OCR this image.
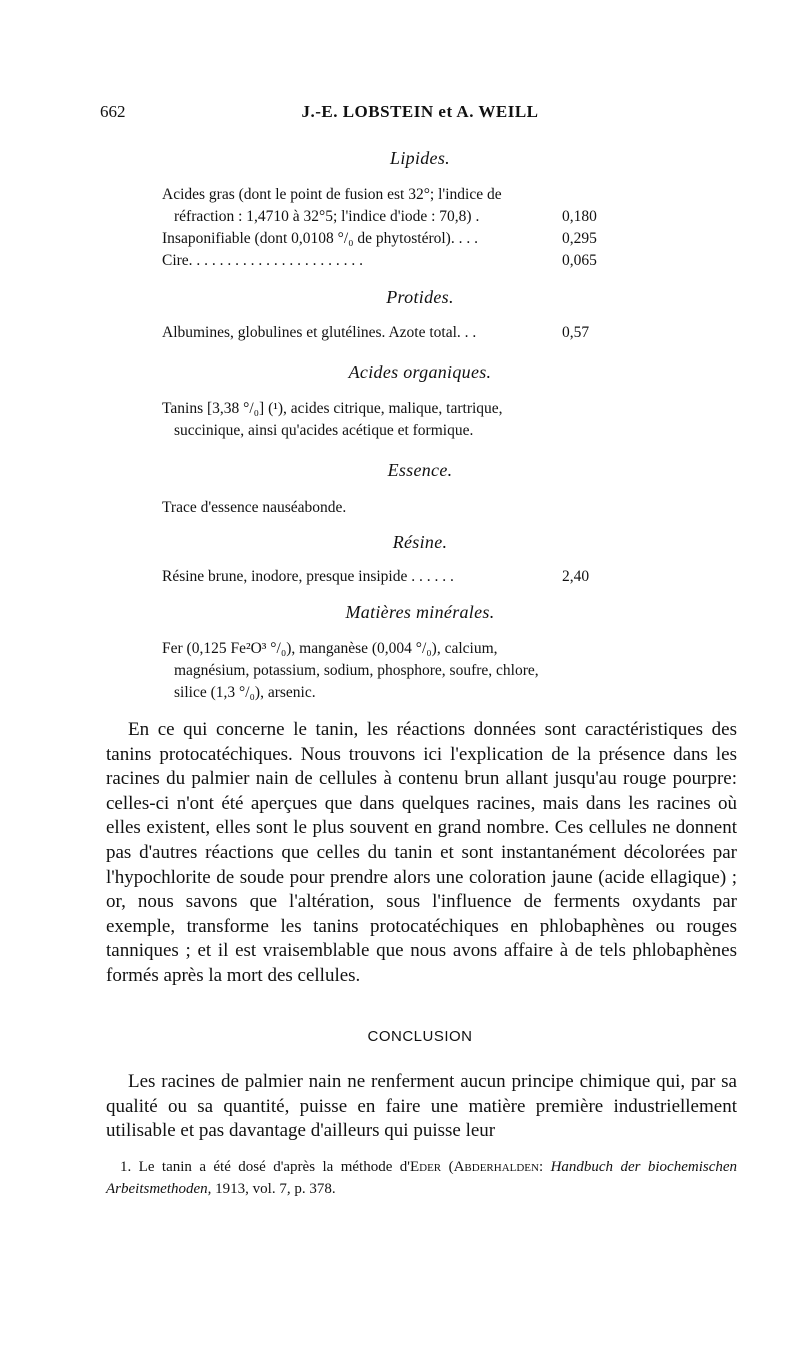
662	J.-E. LOBSTEIN et A. WEILL
Lipides.
Acides gras (dont le point de fusion est 32°; l'indice de réfraction : 1,4710 à 32°5; l'indice d'iode : 70,8) .	0,180
Insaponifiable (dont 0,0108 °/₀ de phytostérol). . . .	0,295
Cire. . . . . . . . . . . . . . . . . . . . . . .	0,065
Protides.
Albumines, globulines et glutélines. Azote total. . .	0,57
Acides organiques.
Tanins [3,38 °/₀] (¹), acides citrique, malique, tartrique, succinique, ainsi qu'acides acétique et formique.
Essence.
Trace d'essence nauséabonde.
Résine.
Résine brune, inodore, presque insipide . . . . . .	2,40
Matières minérales.
Fer (0,125 Fe²O³ °/₀), manganèse (0,004 °/₀), calcium, magnésium, potassium, sodium, phosphore, soufre, chlore, silice (1,3 °/₀), arsenic.
En ce qui concerne le tanin, les réactions données sont caractéristiques des tanins protocatéchiques. Nous trouvons ici l'explication de la présence dans les racines du palmier nain de cellules à contenu brun allant jusqu'au rouge pourpre: celles-ci n'ont été aperçues que dans quelques racines, mais dans les racines où elles existent, elles sont le plus souvent en grand nombre. Ces cellules ne donnent pas d'autres réactions que celles du tanin et sont instantanément décolorées par l'hypochlorite de soude pour prendre alors une coloration jaune (acide ellagique) ; or, nous savons que l'altération, sous l'influence de ferments oxydants par exemple, transforme les tanins protocatéchiques en phlobaphènes ou rouges tanniques ; et il est vraisemblable que nous avons affaire à de tels phlobaphènes formés après la mort des cellules.
CONCLUSION
Les racines de palmier nain ne renferment aucun principe chimique qui, par sa qualité ou sa quantité, puisse en faire une matière première industriellement utilisable et pas davantage d'ailleurs qui puisse leur
1. Le tanin a été dosé d'après la méthode d'Eder (Abderhalden: Handbuch der biochemischen Arbeitsmethoden, 1913, vol. 7, p. 378.
